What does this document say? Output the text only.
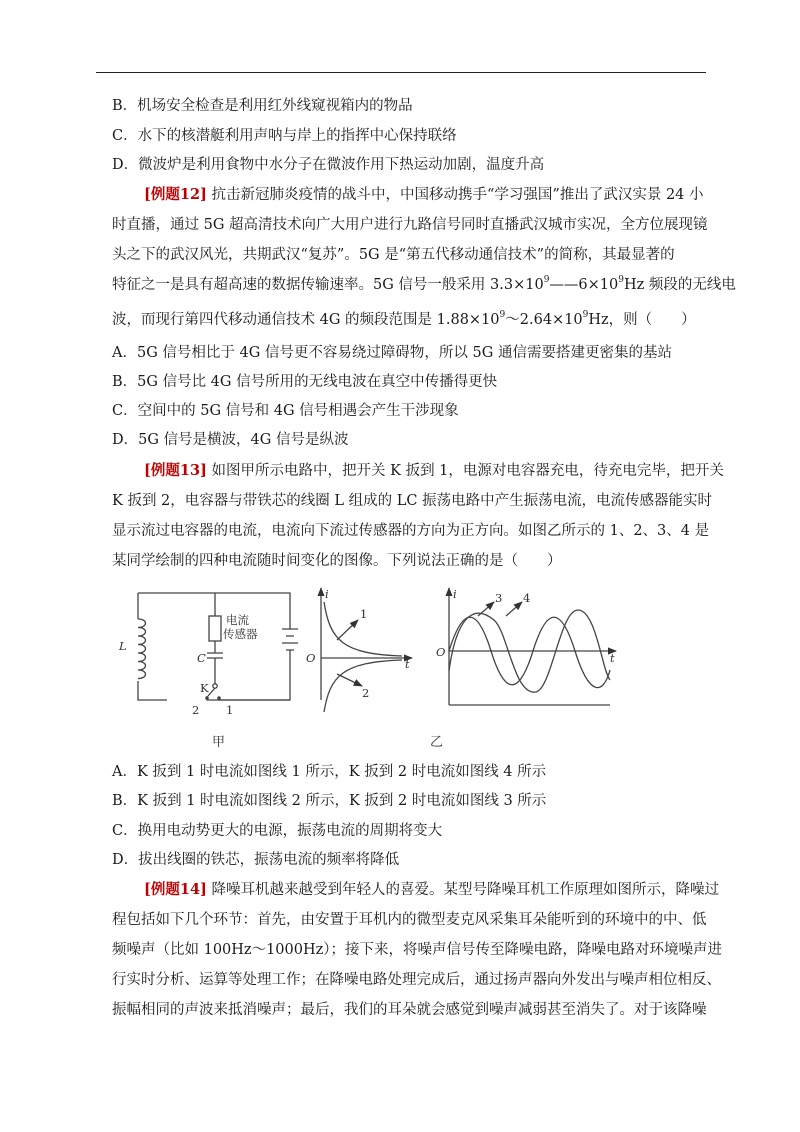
B．机场安全检查是利用红外线窥视箱内的物品
C．水下的核潜艇利用声呐与岸上的指挥中心保持联络
D．微波炉是利用食物中水分子在微波作用下热运动加剧，温度升高
[例题12] 抗击新冠肺炎疫情的战斗中，中国移动携手“学习强国”推出了武汉实景 24 小
时直播，通过 5G 超高清技术向广大用户进行九路信号同时直播武汉城市实况，全方位展现镜
头之下的武汉风光，共期武汉“复苏”。5G 是“第五代移动通信技术”的简称，其最显著的
特征之一是具有超高速的数据传输速率。5G 信号一般采用 $3.3\times 10^9——6\times 10^9Hz$ 频段的无线电
波，而现行第四代移动通信技术 4G 的频段范围是 $1.88\times 10^9\sim 2.64\times 10^9Hz$，则（　　）
A．5G 信号相比于 4G 信号更不容易绕过障碍物，所以 5G 通信需要搭建更密集的基站
B．5G 信号比 4G 信号所用的无线电波在真空中传播得更快
C．空间中的 5G 信号和 4G 信号相遇会产生干涉现象
D．5G 信号是横波，4G 信号是纵波
[例题13] 如图甲所示电路中，把开关 K 扳到 1，电源对电容器充电，待充电完毕，把开关
K 扳到 2，电容器与带铁芯的线圈 L 组成的 LC 振荡电路中产生振荡电流，电流传感器能实时
显示流过电容器的电流，电流向下流过传感器的方向为正方向。如图乙所示的 1、2、3、4 是
某同学绘制的四种电流随时间变化的图像。下列说法正确的是（　　）
电流
传感器
L
C
K
2 1
甲
i
O	t
1
2
i
O	t
3 4
乙
A．K 扳到 1 时电流如图线 1 所示，K 扳到 2 时电流如图线 4 所示
B．K 扳到 1 时电流如图线 2 所示，K 扳到 2 时电流如图线 3 所示
C．换用电动势更大的电源，振荡电流的周期将变大
D．拔出线圈的铁芯，振荡电流的频率将降低
[例题14] 降噪耳机越来越受到年轻人的喜爱。某型号降噪耳机工作原理如图所示，降噪过
程包括如下几个环节：首先，由安置于耳机内的微型麦克风采集耳朵能听到的环境中的中、低
频噪声（比如 100Hz～1000Hz）；接下来，将噪声信号传至降噪电路，降噪电路对环境噪声进
行实时分析、运算等处理工作；在降噪电路处理完成后，通过扬声器向外发出与噪声相位相反、
振幅相同的声波来抵消噪声；最后，我们的耳朵就会感觉到噪声减弱甚至消失了。对于该降噪
